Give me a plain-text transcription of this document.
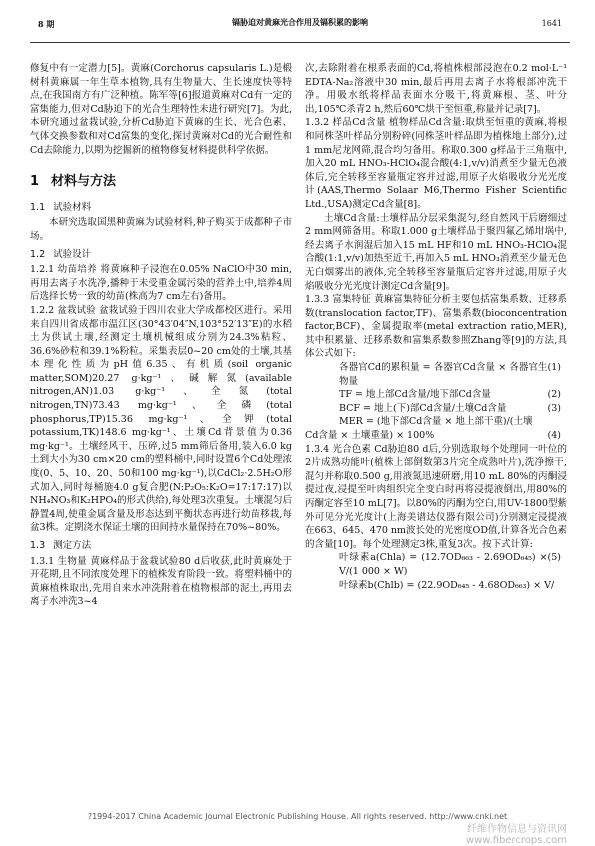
8 期	镉胁迫对黄麻光合作用及镉积累的影响	1641

修复中有一定潜力[5]。黄麻(Corchorus capsularis L.)是椴树科黄麻属一年生草本植物,具有生物量大、生长速度快等特点,在我国南方有广泛种植。陈军等[6]报道黄麻对Cd有一定的富集能力,但对Cd胁迫下的光合生理特性未进行研究[7]。为此,本研究通过盆栽试验,分析Cd胁迫下黄麻的生长、光合色素、气体交换参数和对Cd富集的变化,探讨黄麻对Cd的光合耐性和Cd去除能力,以期为挖掘新的植物修复材料提供科学依据。

1 材料与方法
1.1 试验材料

本研究选取国黑种黄麻为试验材料,种子购买于成都种子市场。

1.2 试验设计

1.2.1 幼苗培养 将黄麻种子浸泡在0.05% NaClO中30 min,再用去离子水洗净,播种于未受重金属污染的营养土中,培养4周后选择长势一致的幼苗(株高为7 cm左右)备用。

1.2.2 盆栽试验 盆栽试验于四川农业大学成都校区进行。采用来自四川省成都市温江区(30°43′04″N,103°52′13″E)的水稻土为供试土壤,经测定土壤机械组成分别为24.3%粘粒、36.6%砂粒和39.1%粉粒。采集表层0~20 cm处的土壤,其基本理化性质为pH值6.35、有机质(soil organic matter,SOM)20.27 g·kg⁻¹、碱解氮(available nitrogen,AN)1.03 g·kg⁻¹、全氮(total nitrogen,TN)73.43 mg·kg⁻¹、全磷(total phosphorus,TP)15.36 mg·kg⁻¹、全钾(total potassium,TK)148.6 mg·kg⁻¹、土壤Cd背景值为0.36 mg·kg⁻¹。土壤经风干、压碎,过5 mm筛后备用,装入6.0 kg土到大小为30 cm×20 cm的塑料桶中,同时设置6个Cd处理浓度(0、5、10、20、50和100 mg·kg⁻¹),以CdCl₂·2.5H₂O形式加入,同时每桶施4.0 g复合肥(N:P₂O₅:K₂O=17:17:17)以NH₄NO₃和K₂HPO₄的形式供给),每处理3次重复。土壤混匀后静置4周,使重金属含量及形态达到平衡状态再进行幼苗移栽,每盆3株。定期浇水保证土壤的田间持水量保持在70%~80%。

1.3 测定方法

1.3.1 生物量 黄麻样品于盆栽试验80 d后收获,此时黄麻处于开花期,且不同浓度处理下的植株发育阶段一致。将塑料桶中的黄麻植株取出,先用自来水冲洗附着在植物根部的泥土,再用去离子水冲洗3~4

次,去除附着在根系表面的Cd,将植株根部浸泡在0.2 mol·L⁻¹ EDTA-Na₂溶液中30 min,最后再用去离子水将根部冲洗干净。用吸水纸将样品表面水分吸干,将黄麻根、茎、叶分出,105℃杀青2 h,然后60℃烘干至恒重,称量并记录[7]。

1.3.2 样品Cd含量 植物样品Cd含量:取烘至恒重的黄麻,将根和同株茎叶样品分别粉碎(同株茎叶样品即为植株地上部分),过1 mm尼龙网筛,混合均匀备用。称取0.300 g样品于三角瓶中,加入20 mL HNO₃-HClO₄混合酸(4:1,v/v)消煮至少量无色液体后,完全转移至容量瓶定容并过滤,用原子火焰吸收分光光度计(AAS,Thermo Solaar M6,Thermo Fisher Scientific Ltd.,USA)测定Cd含量[8]。

土壤Cd含量:土壤样品分层采集混匀,经自然风干后磨细过2 mm网筛备用。称取1.000 g土壤样品于聚四氟乙烯坩埚中,经去离子水润湿后加入15 mL HF和10 mL HNO₃-HClO₄混合酸(1:1,v/v)加热至近干,再加入5 mL HNO₃消煮至少量无色无白烟雾出的液体,完全转移至容量瓶后定容并过滤,用原子火焰吸收分光光度计测定Cd含量[9]。

1.3.3 富集特征 黄麻富集特征分析主要包括富集系数、迁移系数(translocation factor,TF)、富集系数(bioconcentration factor,BCF)、金属提取率(metal extraction ratio,MER),其中积累量、迁移系数和富集系数参照Zhang等[9]的方法,具体公式如下:

各器官Cd的累积量 = 各器官Cd含量 × 各器官生物量
(1)
TF = 地上部Cd含量/地下部Cd含量	(2)
BCF = 地上(下)部Cd含量/土壤Cd含量	(3)
MER = (地下部Cd含量 × 地上部干重)/(土壤
Cd含量 × 土壤重量) × 100%	(4)

1.3.4 光合色素 Cd胁迫80 d后,分别选取每个处理同一叶位的2片成熟功能叶(植株上部倒数第3片完全成熟叶片),洗净擦干,混匀并称取0.500 g,用液氮迅速研磨,用10 mL 80%的丙酮浸提过夜,浸提至叶肉组织完全变白时再将浸提液倒出,用80%的丙酮定容至10 mL[7]。以80%的丙酮为空白,用UV-1800型紫外可见分光光度计(上海美谱达仪器有限公司)分别测定浸提液在663、645、470 nm波长处的光密度OD值,计算各光合色素的含量[10]。每个处理测定3株,重复3次。按下式计算:

叶绿素a(Chla) = (12.7OD₆₆₃ - 2.69OD₆₄₅) × V/(1 000 × W)
(5)
叶绿素b(Chlb) = (22.9OD₆₄₅ - 4.68OD₆₆₃) × V/
?1994-2017 China Academic Journal Electronic Publishing House. All rights reserved. http://www.cnki.net
纤维作物信息与资讯网
www.fibercrops.com
